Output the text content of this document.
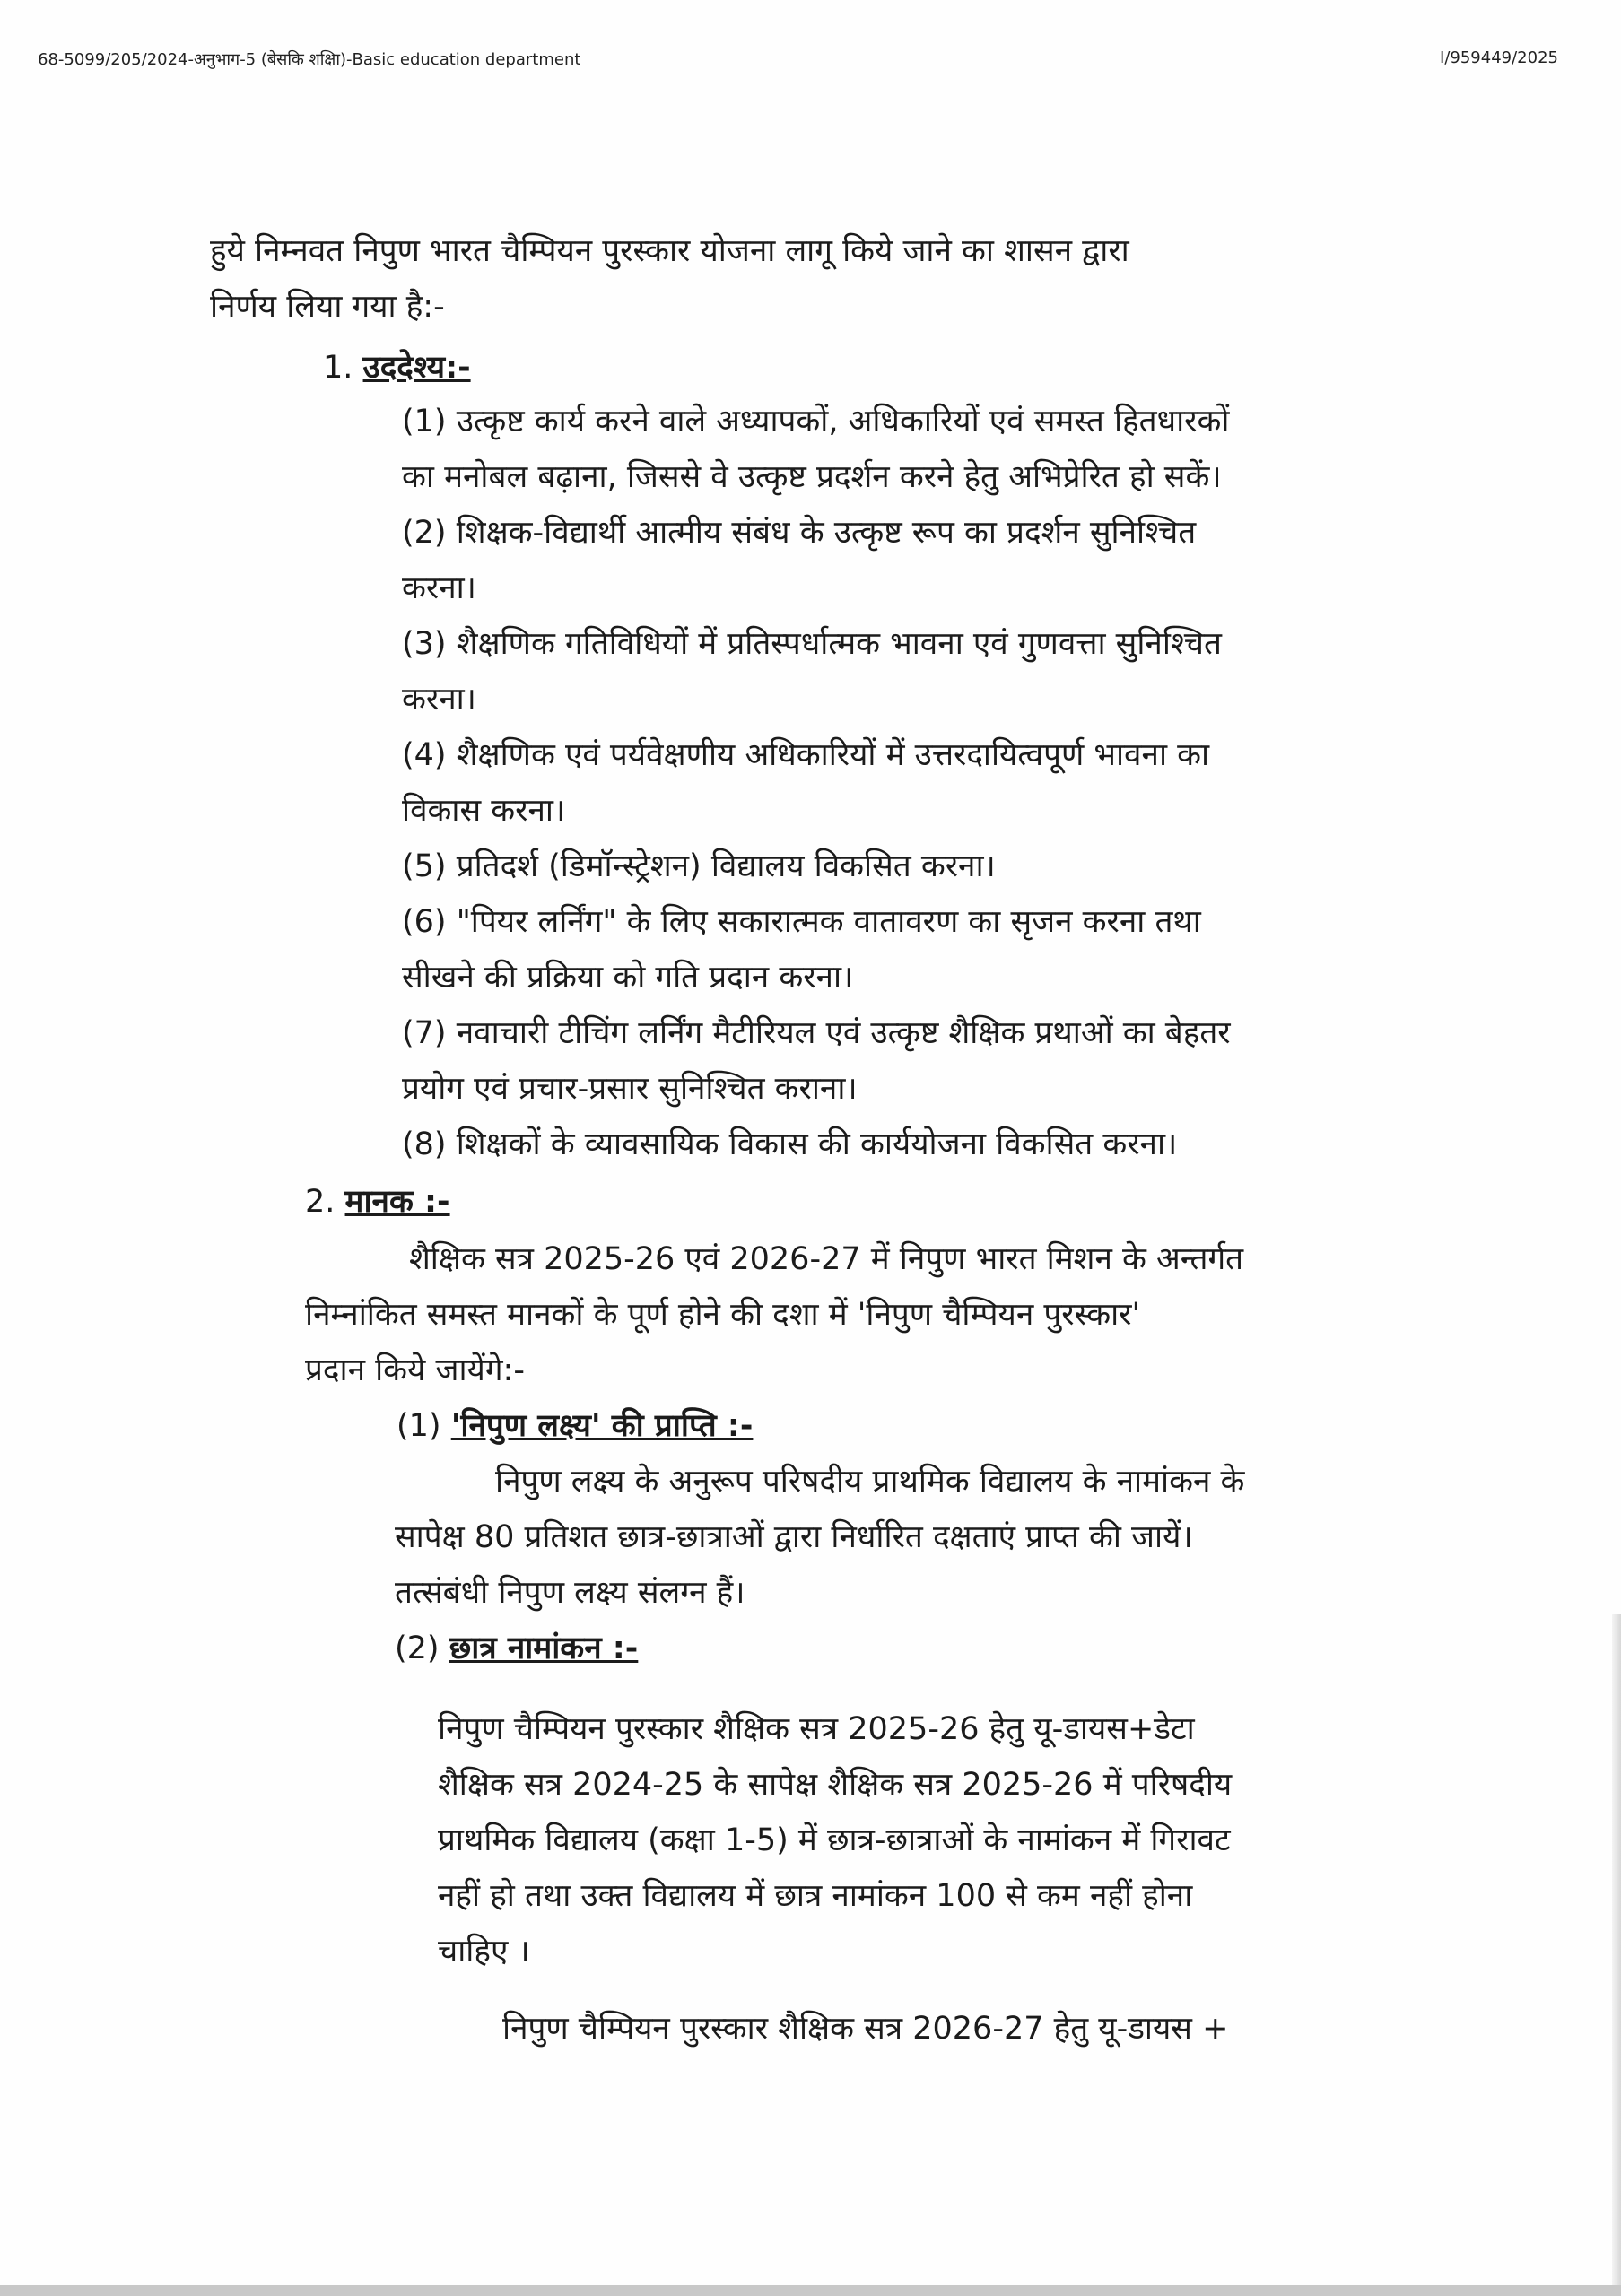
68-5099/205/2024-अनुभाग-5 (बेसकि शक्षिा)-Basic education department	I/959449/2025
हुये निम्नवत निपुण भारत चैम्पियन पुरस्कार योजना लागू किये जाने का शासन द्वारा
निर्णय लिया गया है:-
1. उददेश्य:-
(1) उत्कृष्ट कार्य करने वाले अध्यापकों, अधिकारियों एवं समस्त हितधारकों
का मनोबल बढ़ाना, जिससे वे उत्कृष्ट प्रदर्शन करने हेतु अभिप्रेरित हो सकें।
(2) शिक्षक-विद्यार्थी आत्मीय संबंध के उत्कृष्ट रूप का प्रदर्शन सुनिश्चित
करना।
(3) शैक्षणिक गतिविधियों में प्रतिस्पर्धात्मक भावना एवं गुणवत्ता सुनिश्चित
करना।
(4) शैक्षणिक एवं पर्यवेक्षणीय अधिकारियों में उत्तरदायित्वपूर्ण भावना का
विकास करना।
(5) प्रतिदर्श (डिमॉन्स्ट्रेशन) विद्यालय विकसित करना।
(6) "पियर लर्निंग" के लिए सकारात्मक वातावरण का सृजन करना तथा
सीखने की प्रक्रिया को गति प्रदान करना।
(7) नवाचारी टीचिंग लर्निंग मैटीरियल एवं उत्कृष्ट शैक्षिक प्रथाओं का बेहतर
प्रयोग एवं प्रचार-प्रसार सुनिश्चित कराना।
(8) शिक्षकों के व्यावसायिक विकास की कार्ययोजना विकसित करना।
2. मानक :-
शैक्षिक सत्र 2025-26 एवं 2026-27 में निपुण भारत मिशन के अन्तर्गत
निम्नांकित समस्त मानकों के पूर्ण होने की दशा में 'निपुण चैम्पियन पुरस्कार'
प्रदान किये जायेंगे:-
(1) 'निपुण लक्ष्य' की प्राप्ति :-
निपुण लक्ष्य के अनुरूप परिषदीय प्राथमिक विद्यालय के नामांकन के
सापेक्ष 80 प्रतिशत छात्र-छात्राओं द्वारा निर्धारित दक्षताएं प्राप्त की जायें।
तत्संबंधी निपुण लक्ष्य संलग्न हैं।
(2) छात्र नामांकन :-
निपुण चैम्पियन पुरस्कार शैक्षिक सत्र 2025-26 हेतु यू-डायस+डेटा
शैक्षिक सत्र 2024-25 के सापेक्ष शैक्षिक सत्र 2025-26 में परिषदीय
प्राथमिक विद्यालय (कक्षा 1-5) में छात्र-छात्राओं के नामांकन में गिरावट
नहीं हो तथा उक्त विद्यालय में छात्र नामांकन 100 से कम नहीं होना
चाहिए ।
निपुण चैम्पियन पुरस्कार शैक्षिक सत्र 2026-27 हेतु यू-डायस +
